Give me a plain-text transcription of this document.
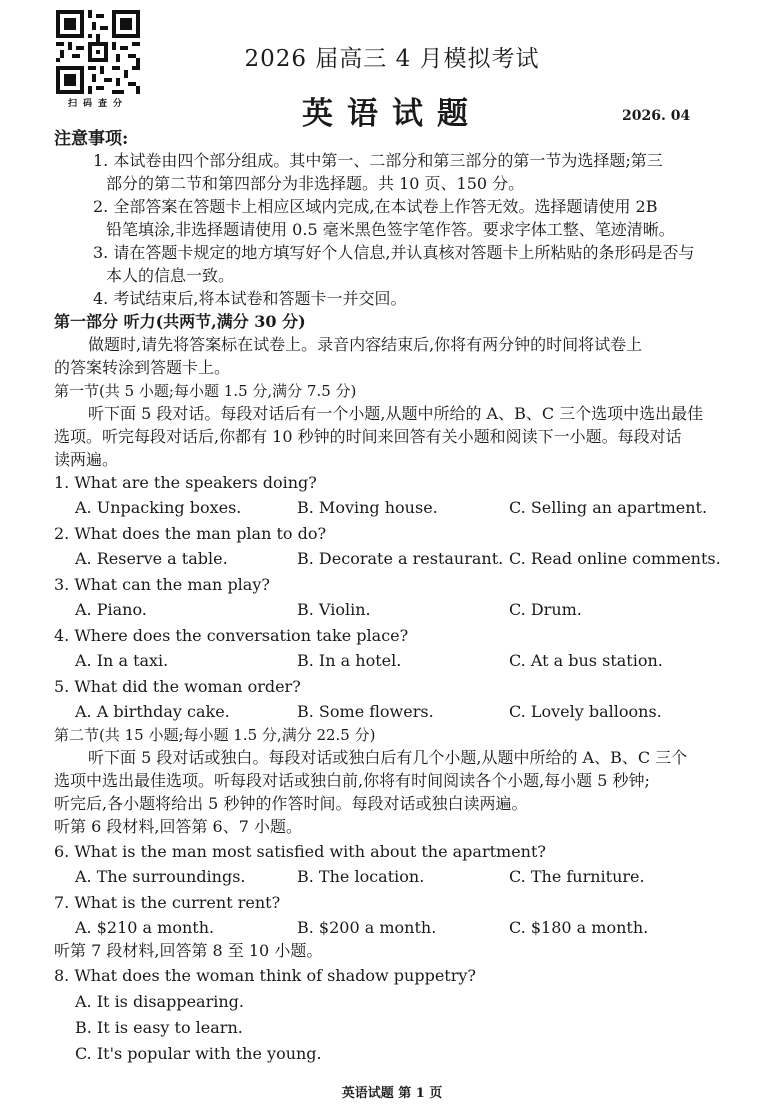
扫码查分
2026 届高三 4 月模拟考试
英语试题	2026. 04
注意事项:
1. 本试卷由四个部分组成。其中第一、二部分和第三部分的第一节为选择题;第三
部分的第二节和第四部分为非选择题。共 10 页、150 分。
2. 全部答案在答题卡上相应区域内完成,在本试卷上作答无效。选择题请使用 2B
铅笔填涂,非选择题请使用 0.5 毫米黑色签字笔作答。要求字体工整、笔迹清晰。
3. 请在答题卡规定的地方填写好个人信息,并认真核对答题卡上所粘贴的条形码是否与
本人的信息一致。
4. 考试结束后,将本试卷和答题卡一并交回。
第一部分 听力(共两节,满分 30 分)
做题时,请先将答案标在试卷上。录音内容结束后,你将有两分钟的时间将试卷上
的答案转涂到答题卡上。
第一节(共 5 小题;每小题 1.5 分,满分 7.5 分)
听下面 5 段对话。每段对话后有一个小题,从题中所给的 A、B、C 三个选项中选出最佳
选项。听完每段对话后,你都有 10 秒钟的时间来回答有关小题和阅读下一小题。每段对话
读两遍。
1. What are the speakers doing?
A. Unpacking boxes.	B. Moving house.	C. Selling an apartment.
2. What does the man plan to do?
A. Reserve a table.	B. Decorate a restaurant. C. Read online comments.
3. What can the man play?
A. Piano.	B. Violin.	C. Drum.
4. Where does the conversation take place?
A. In a taxi.	B. In a hotel.	C. At a bus station.
5. What did the woman order?
A. A birthday cake.	B. Some flowers.	C. Lovely balloons.
第二节(共 15 小题;每小题 1.5 分,满分 22.5 分)
听下面 5 段对话或独白。每段对话或独白后有几个小题,从题中所给的 A、B、C 三个
选项中选出最佳选项。听每段对话或独白前,你将有时间阅读各个小题,每小题 5 秒钟;
听完后,各小题将给出 5 秒钟的作答时间。每段对话或独白读两遍。
听第 6 段材料,回答第 6、7 小题。
6. What is the man most satisfied with about the apartment?
A. The surroundings.	B. The location.	C. The furniture.
7. What is the current rent?
A. $210 a month.	B. $200 a month.	C. $180 a month.
听第 7 段材料,回答第 8 至 10 小题。
8. What does the woman think of shadow puppetry?
A. It is disappearing.
B. It is easy to learn.
C. It's popular with the young.
英语试题 第 1 页
